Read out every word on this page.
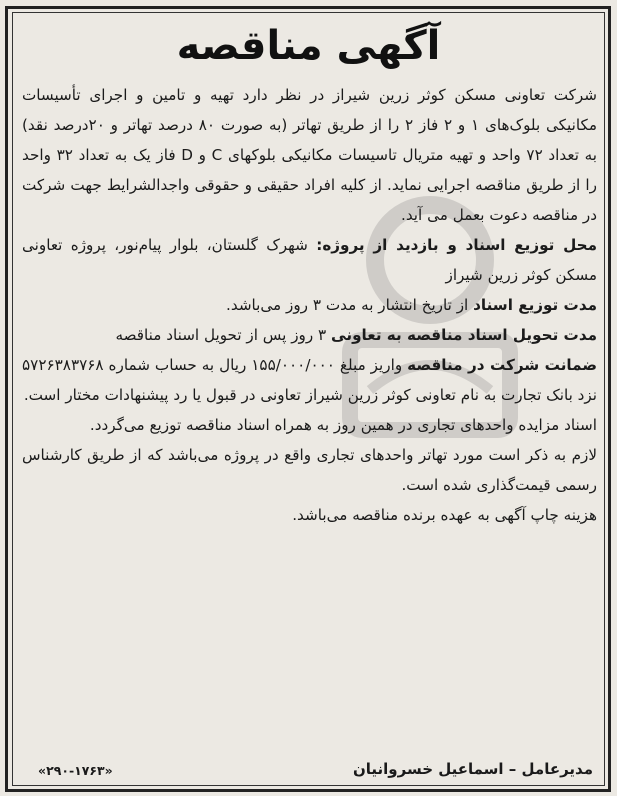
آگهی مناقصه

شرکت تعاونی مسکن کوثر زرین شیراز در نظر دارد تهیه و تامین و اجرای تأسیسات مکانیکی بلوک‌های ۱ و ۲ فاز ۲ را از طریق تهاتر (به صورت ۸۰ درصد تهاتر و ۲۰درصد نقد) به تعداد ۷۲ واحد و تهیه متریال تاسیسات مکانیکی بلوکهای C و D فاز یک به تعداد ۳۲ واحد را از طریق مناقصه اجرایی نماید. از کلیه افراد حقیقی و حقوقی واجدالشرایط جهت شرکت در مناقصه دعوت بعمل می آید.

محل توزیع اسناد و بازدید از پروژه: شهرک گلستان، بلوار پیام‌نور، پروژه تعاونی مسکن کوثر زرین شیراز

مدت توزیع اسناد از تاریخ انتشار به مدت ۳ روز می‌باشد.

مدت تحویل اسناد مناقصه به تعاونی ۳ روز پس از تحویل اسناد مناقصه

ضمانت شرکت در مناقصه واریز مبلغ ۱۵۵/۰۰۰/۰۰۰ ریال به حساب شماره ۵۷۲۶۳۸۳۷۶۸ نزد بانک تجارت به نام تعاونی کوثر زرین شیراز تعاونی در قبول یا رد پیشنهادات مختار است.

اسناد مزایده واحدهای تجاری در همین روز به همراه اسناد مناقصه توزیع می‌گردد.

لازم به ذکر است مورد تهاتر واحدهای تجاری واقع در پروژه می‌باشد که از طریق کارشناس رسمی قیمت‌گذاری شده است.

هزینه چاپ آگهی به عهده برنده مناقصه می‌باشد.

مدیرعامل – اسماعیل خسروانیان
«۲۹۰-۱۷۶۳»
